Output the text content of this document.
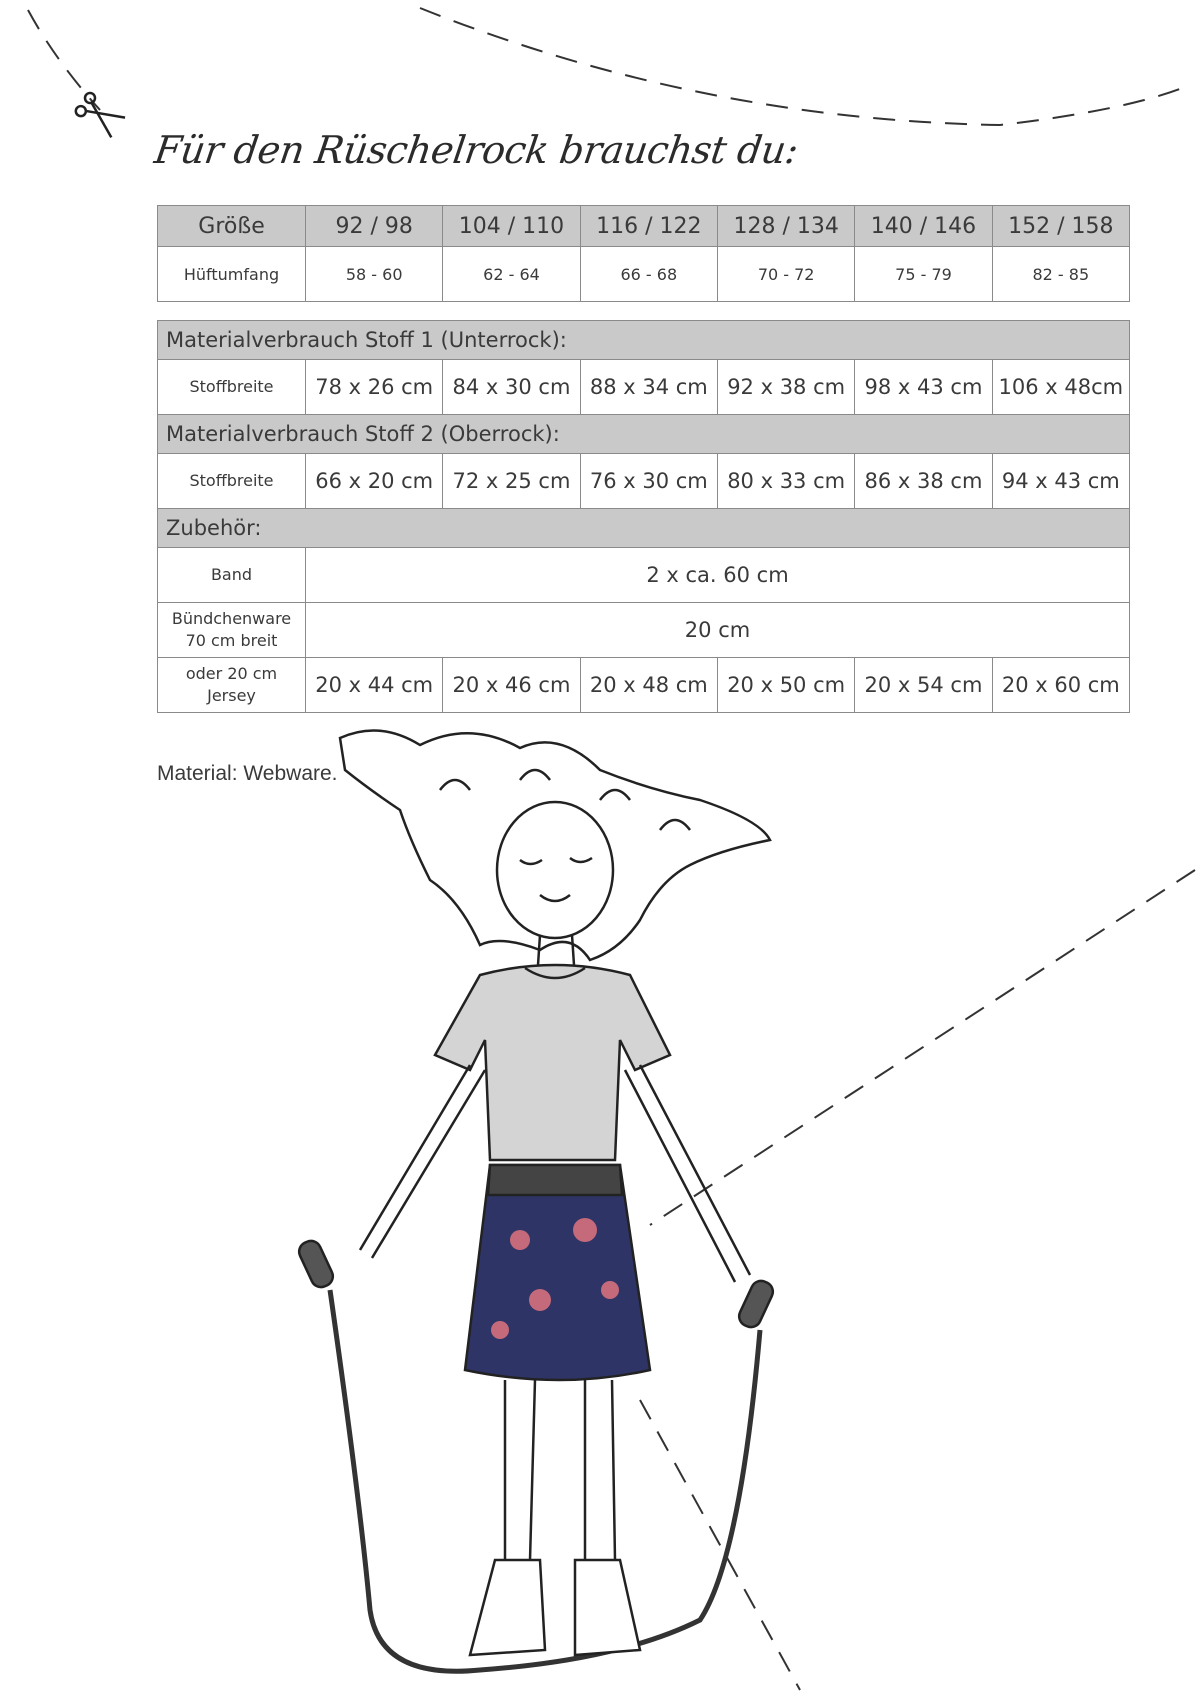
Für den Rüschelrock brauchst du:
Größe	92 / 98	104 / 110	116 / 122	128 / 134	140 / 146	152 / 158
Hüftumfang	58 - 60	62 - 64	66 - 68	70 - 72	75 - 79	82 - 85
Materialverbrauch Stoff 1 (Unterrock):						
Stoffbreite	78 x 26 cm	84 x 30 cm	88 x 34 cm	92 x 38 cm	98 x 43 cm	106 x 48cm
Materialverbrauch Stoff 2 (Oberrock):						
Stoffbreite	66 x 20 cm	72 x 25 cm	76 x 30 cm	80 x 33 cm	86 x 38 cm	94 x 43 cm
Zubehör:						
Band	2 x ca. 60 cm					

Bündchenware
70 cm breit	20 cm					

oder 20 cm
Jersey	20 x 44 cm	20 x 46 cm	20 x 48 cm	20 x 50 cm	20 x 54 cm	20 x 60 cm
Material: Webware.
